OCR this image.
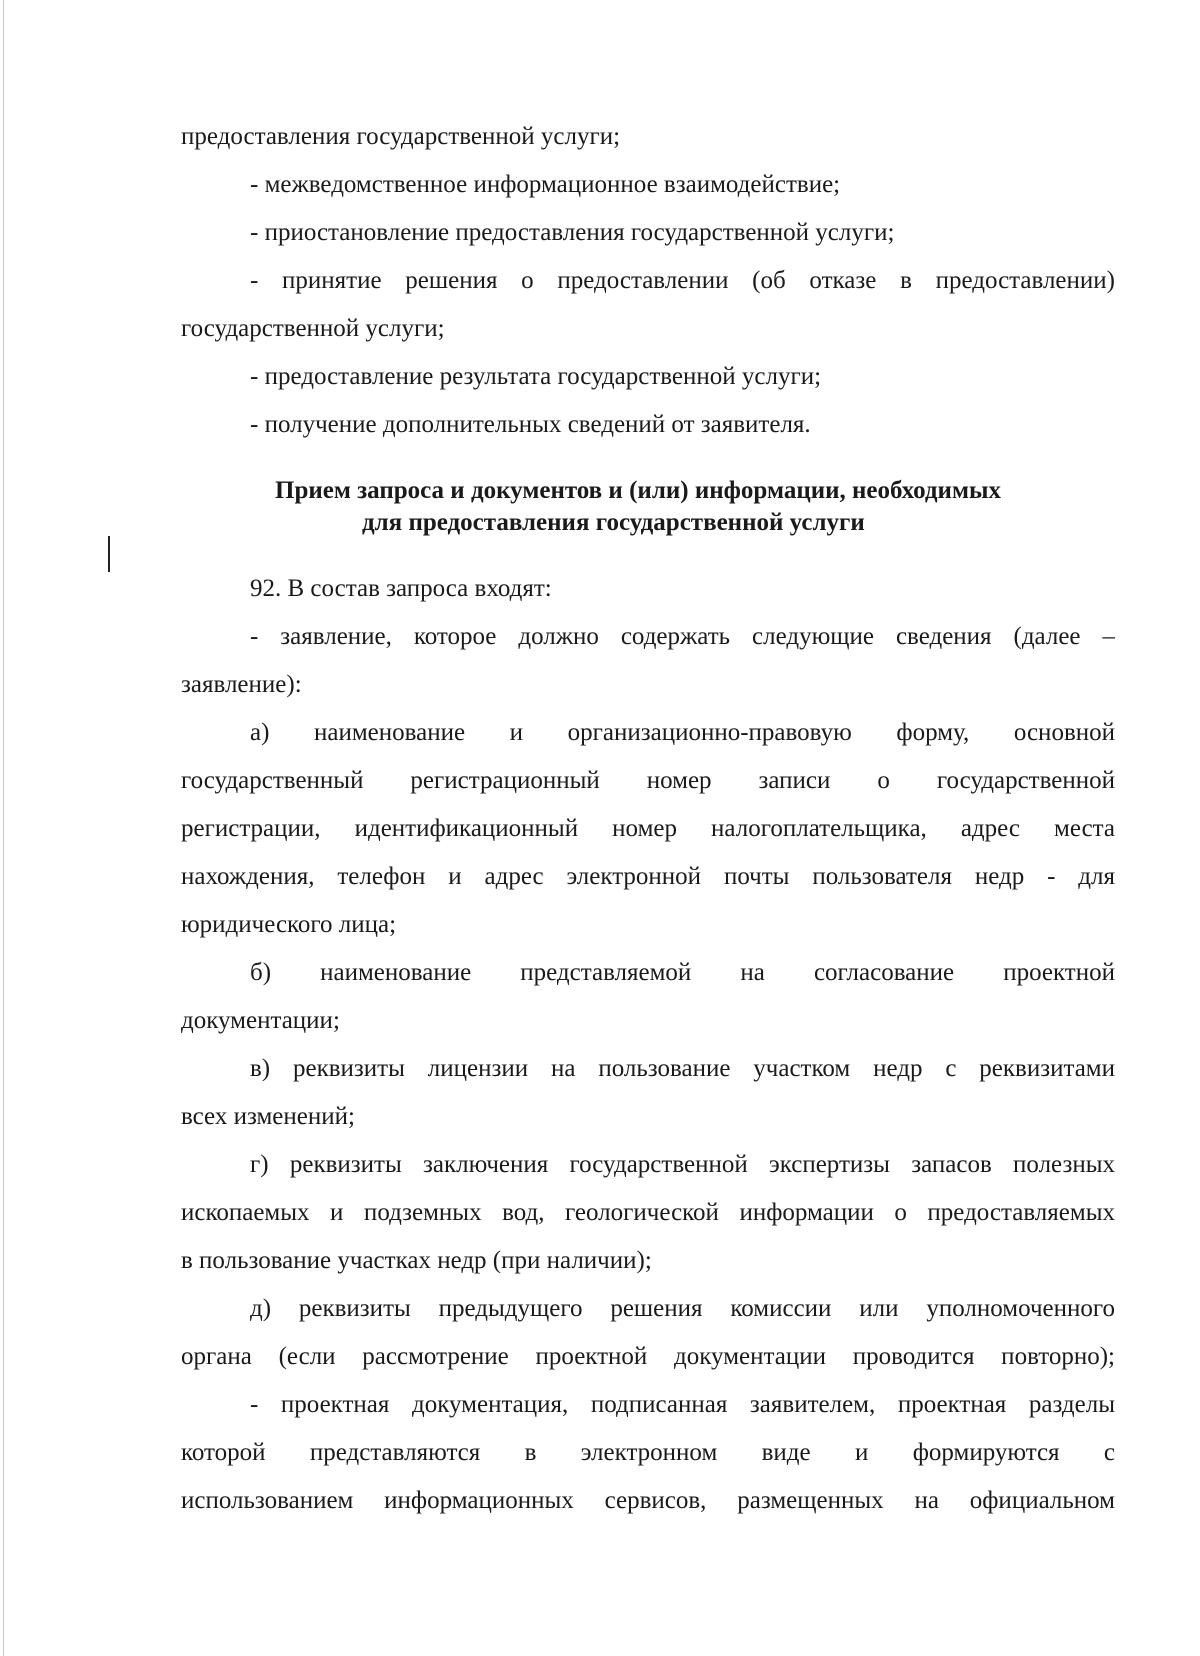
предоставления государственной услуги;
- межведомственное информационное взаимодействие;
- приостановление предоставления государственной услуги;
- принятие решения о предоставлении (об отказе в предоставлении)
государственной услуги;
- предоставление результата государственной услуги;
- получение дополнительных сведений от заявителя.
Прием запроса и документов и (или) информации, необходимых
для предоставления государственной услуги
92. В состав запроса входят:
- заявление, которое должно содержать следующие сведения (далее –
заявление):
а) наименование и организационно-правовую форму, основной
государственный регистрационный номер записи о государственной
регистрации, идентификационный номер налогоплательщика, адрес места
нахождения, телефон и адрес электронной почты пользователя недр - для
юридического лица;
б) наименование представляемой на согласование проектной
документации;
в) реквизиты лицензии на пользование участком недр с реквизитами
всех изменений;
г) реквизиты заключения государственной экспертизы запасов полезных
ископаемых и подземных вод, геологической информации о предоставляемых
в пользование участках недр (при наличии);
д) реквизиты предыдущего решения комиссии или уполномоченного
органа (если рассмотрение проектной документации проводится повторно);
- проектная документация, подписанная заявителем, проектная разделы
которой представляются в электронном виде и формируются с
использованием информационных сервисов, размещенных на официальном
